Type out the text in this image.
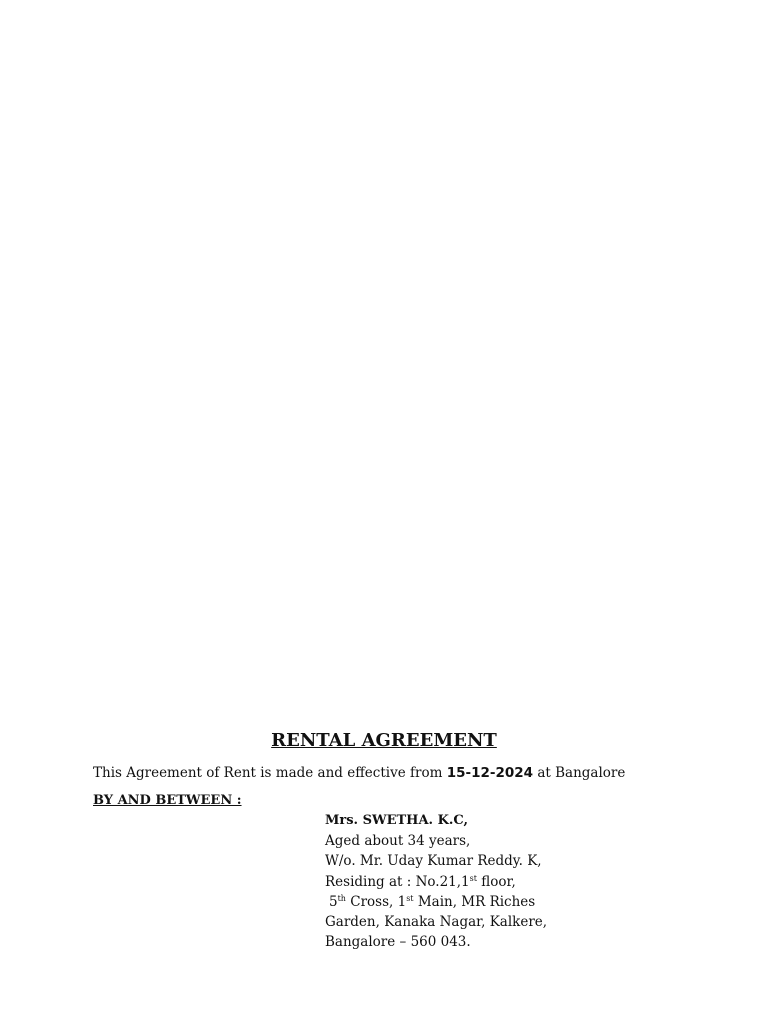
RENTAL AGREEMENT
This Agreement of Rent is made and effective from 15-12-2024 at Bangalore
BY AND BETWEEN :
Mrs. SWETHA. K.C,
Aged about 34 years,
W/o. Mr. Uday Kumar Reddy. K,
Residing at : No.21,1st floor,
5th Cross, 1st Main, MR Riches
Garden, Kanaka Nagar, Kalkere,
Bangalore – 560 043.
